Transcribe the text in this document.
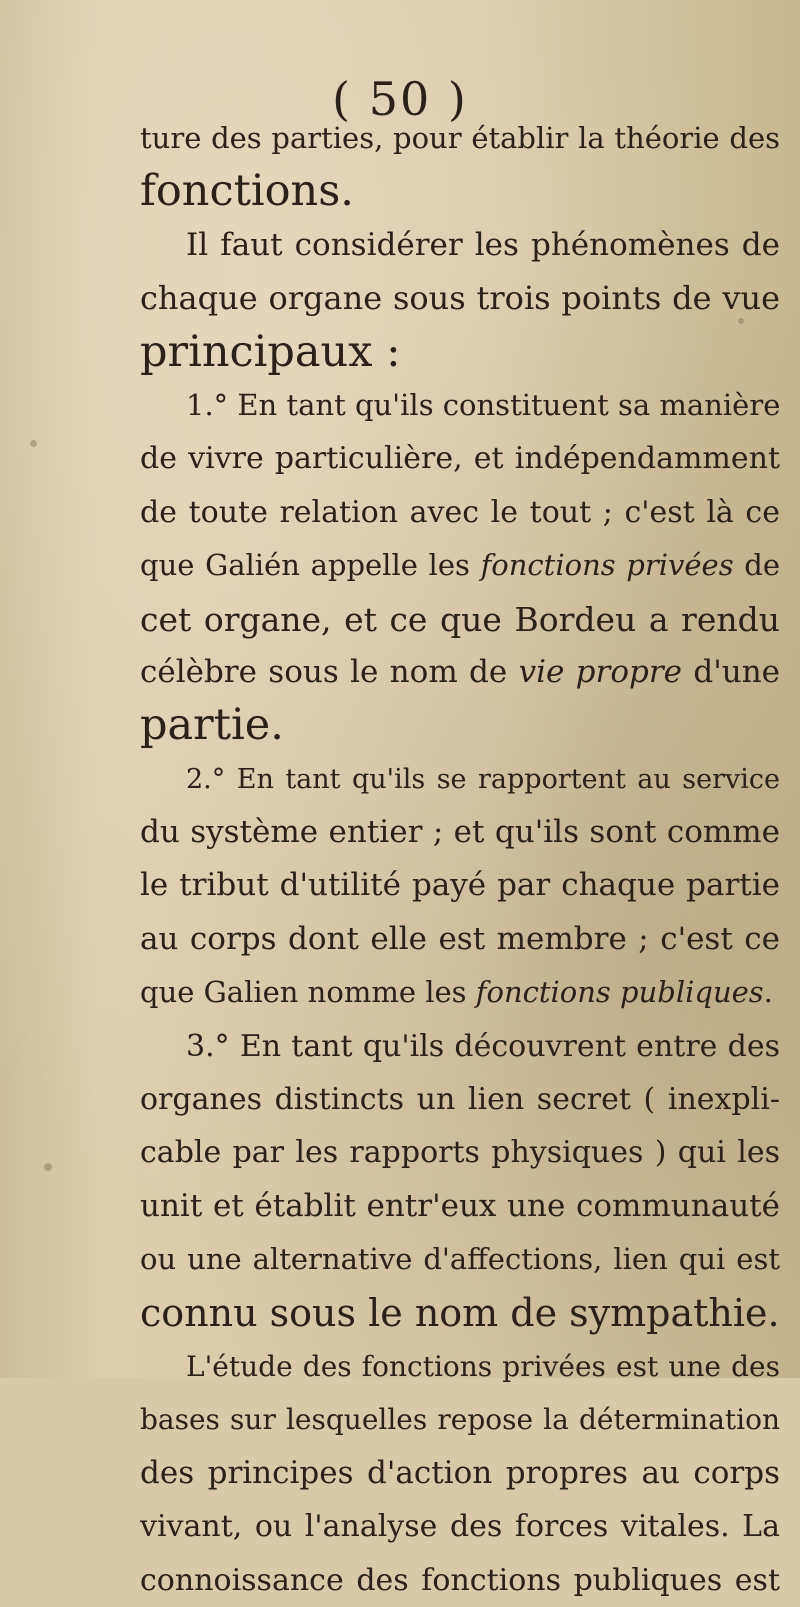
( 50 )
ture des parties, pour établir la théorie des
fonctions.
Il faut considérer les phénomènes de
chaque organe sous trois points de vue
principaux :
1.° En tant qu'ils constituent sa manière
de vivre particulière, et indépendamment
de toute relation avec le tout ; c'est là ce
que Galién appelle les fonctions privées de
cet organe, et ce que Bordeu a rendu
célèbre sous le nom de vie propre d'une
partie.
2.° En tant qu'ils se rapportent au service
du système entier ; et qu'ils sont comme
le tribut d'utilité payé par chaque partie
au corps dont elle est membre ; c'est ce
que Galien nomme les fonctions publiques.
3.° En tant qu'ils découvrent entre des
organes distincts un lien secret ( inexpli-
cable par les rapports physiques ) qui les
unit et établit entr'eux une communauté
ou une alternative d'affections, lien qui est
connu sous le nom de sympathie.
L'étude des fonctions privées est une des
bases sur lesquelles repose la détermination
des principes d'action propres au corps
vivant, ou l'analyse des forces vitales. La
connoissance des fonctions publiques est
